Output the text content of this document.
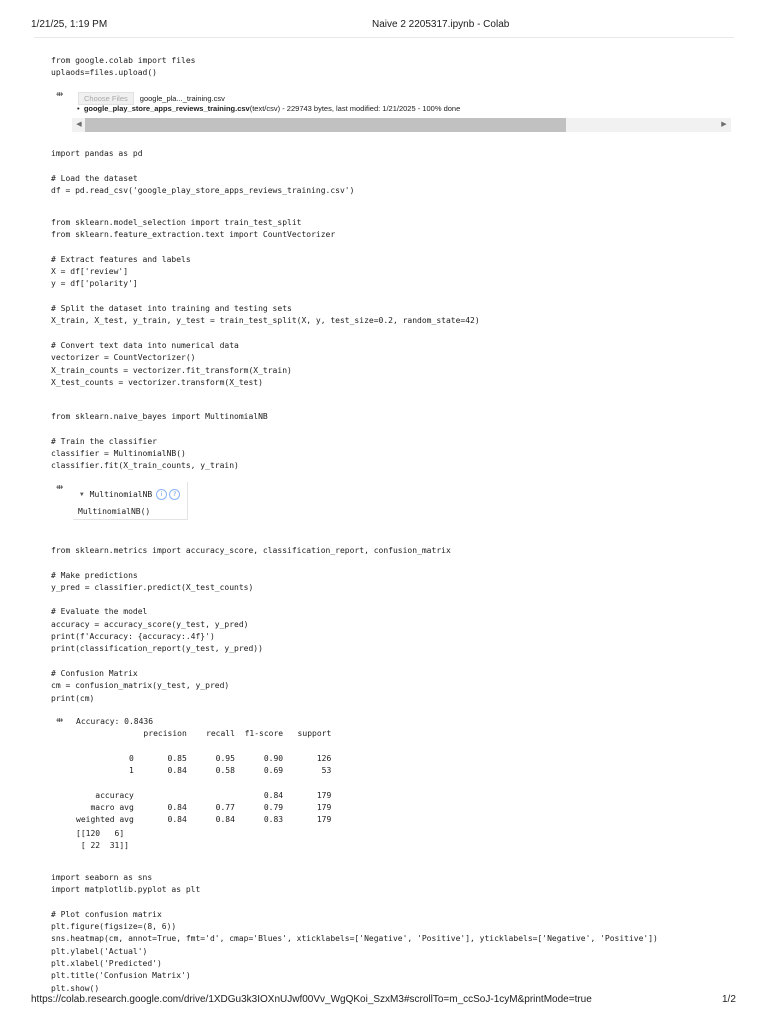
1/21/25, 1:19 PM	Naive 2 2205317.ipynb - Colab
from google.colab import files
uplaods=files.upload()
⇻	Choose Files	google_pla..._training.csv
• google_play_store_apps_reviews_training.csv(text/csv) - 229743 bytes, last modified: 1/21/2025 - 100% done
◀	▶
import pandas as pd

# Load the dataset
df = pd.read_csv('google_play_store_apps_reviews_training.csv')
from sklearn.model_selection import train_test_split
from sklearn.feature_extraction.text import CountVectorizer

# Extract features and labels
X = df['review']
y = df['polarity']

# Split the dataset into training and testing sets
X_train, X_test, y_train, y_test = train_test_split(X, y, test_size=0.2, random_state=42)

# Convert text data into numerical data
vectorizer = CountVectorizer()
X_train_counts = vectorizer.fit_transform(X_train)
X_test_counts = vectorizer.transform(X_test)
from sklearn.naive_bayes import MultinomialNB

# Train the classifier
classifier = MultinomialNB()
classifier.fit(X_train_counts, y_train)
⇻
▼ MultinomialNB	i	?
MultinomialNB()
from sklearn.metrics import accuracy_score, classification_report, confusion_matrix

# Make predictions
y_pred = classifier.predict(X_test_counts)

# Evaluate the model
accuracy = accuracy_score(y_test, y_pred)
print(f'Accuracy: {accuracy:.4f}')
print(classification_report(y_test, y_pred))

# Confusion Matrix
cm = confusion_matrix(y_test, y_pred)
print(cm)
⇻	Accuracy: 0.8436
precision    recall  f1-score   support

0       0.85      0.95      0.90       126
1       0.84      0.58      0.69        53

accuracy                           0.84       179
macro avg       0.84      0.77      0.79       179
weighted avg       0.84      0.84      0.83       179

[[120   6]
[ 22  31]]
import seaborn as sns
import matplotlib.pyplot as plt

# Plot confusion matrix
plt.figure(figsize=(8, 6))
sns.heatmap(cm, annot=True, fmt='d', cmap='Blues', xticklabels=['Negative', 'Positive'], yticklabels=['Negative', 'Positive'])
plt.ylabel('Actual')
plt.xlabel('Predicted')
plt.title('Confusion Matrix')
plt.show()
https://colab.research.google.com/drive/1XDGu3k3IOXnUJwf00Vv_WgQKoi_SzxM3#scrollTo=m_ccSoJ-1cyM&printMode=true	1/2
